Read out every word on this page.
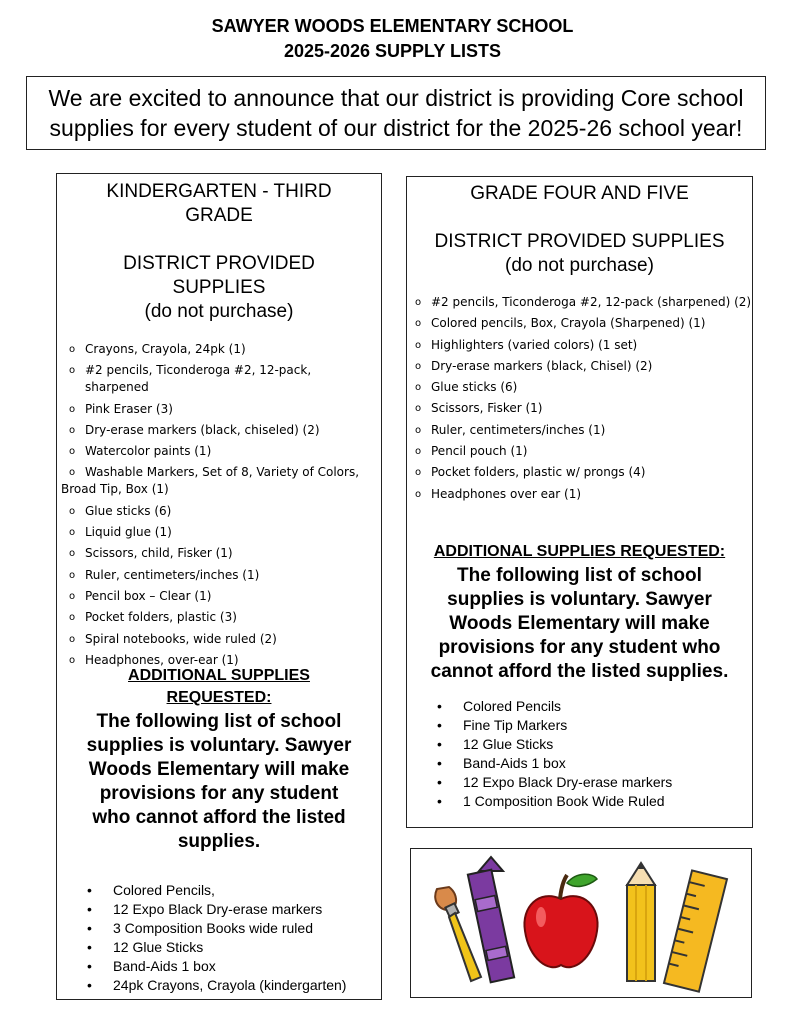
SAWYER WOODS ELEMENTARY SCHOOL
2025-2026 SUPPLY LISTS
We are excited to announce that our district is providing Core school
supplies for every student of our district for the 2025-26 school year!
KINDERGARTEN - THIRD
GRADE
DISTRICT PROVIDED
SUPPLIES
(do not purchase)
o Crayons, Crayola, 24pk (1)
o #2 pencils, Ticonderoga #2, 12-pack, sharpened
o Pink Eraser (3)
o Dry-erase markers (black, chiseled) (2)
o Watercolor paints (1)
o Washable Markers, Set of 8, Variety of Colors, Broad Tip, Box (1)
o Glue sticks (6)
o Liquid glue (1)
o Scissors, child, Fisker (1)
o Ruler, centimeters/inches (1)
o Pencil box – Clear (1)
o Pocket folders, plastic (3)
o Spiral notebooks, wide ruled (2)
o Headphones, over-ear (1)
ADDITIONAL SUPPLIES
REQUESTED:
The following list of school
supplies is voluntary. Sawyer
Woods Elementary will make
provisions for any student
who cannot afford the listed
supplies.
• Colored Pencils,
• 12 Expo Black Dry-erase markers
• 3 Composition Books wide ruled
• 12 Glue Sticks
• Band-Aids 1 box
• 24pk Crayons, Crayola (kindergarten)
GRADE FOUR AND FIVE
DISTRICT PROVIDED SUPPLIES
(do not purchase)
o #2 pencils, Ticonderoga #2, 12-pack (sharpened) (2)
o Colored pencils, Box, Crayola (Sharpened) (1)
o Highlighters (varied colors) (1 set)
o Dry-erase markers (black, Chisel) (2)
o Glue sticks (6)
o Scissors, Fisker (1)
o Ruler, centimeters/inches (1)
o Pencil pouch (1)
o Pocket folders, plastic w/ prongs (4)
o Headphones over ear (1)
ADDITIONAL SUPPLIES REQUESTED:
The following list of school
supplies is voluntary. Sawyer
Woods Elementary will make
provisions for any student who
cannot afford the listed supplies.
• Colored Pencils
• Fine Tip Markers
• 12 Glue Sticks
• Band-Aids 1 box
• 12 Expo Black Dry-erase markers
• 1 Composition Book Wide Ruled
